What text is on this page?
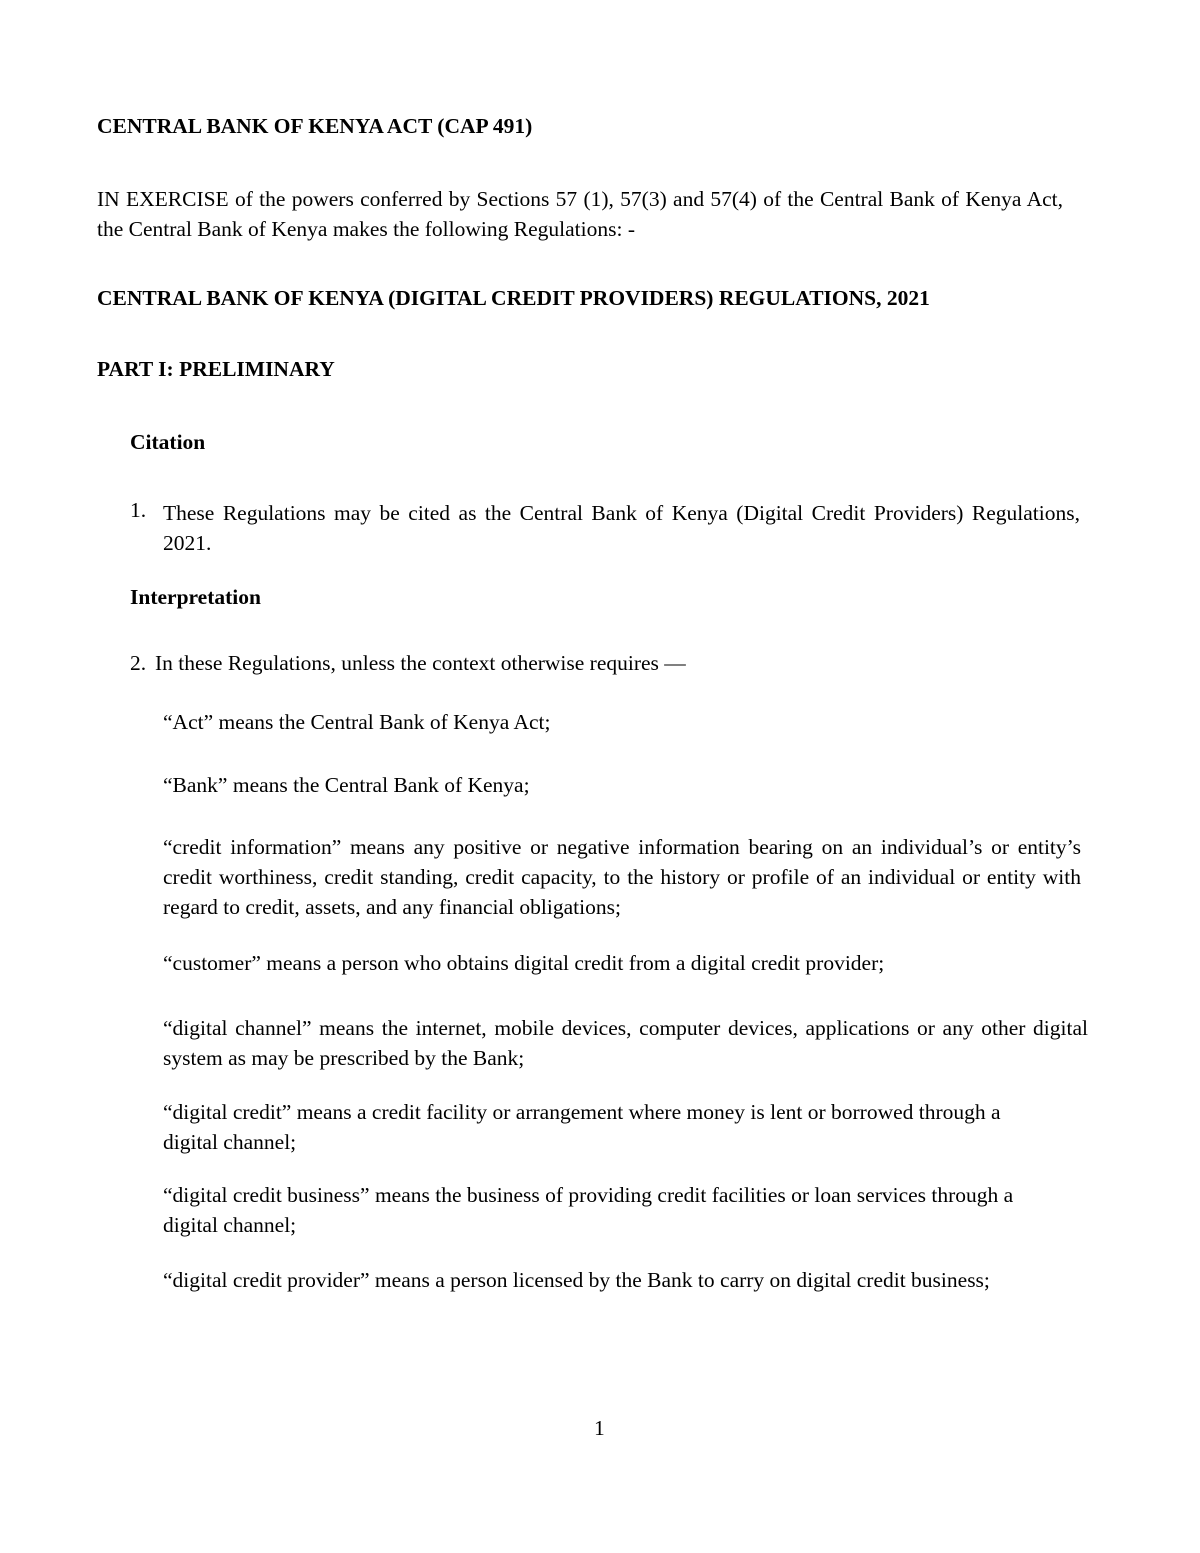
CENTRAL BANK OF KENYA ACT (CAP 491)

IN EXERCISE of the powers conferred by Sections 57 (1), 57(3) and 57(4) of the Central Bank of Kenya Act, the Central Bank of Kenya makes the following Regulations: -

CENTRAL BANK OF KENYA (DIGITAL CREDIT PROVIDERS) REGULATIONS, 2021

PART I: PRELIMINARY

Citation

1. These Regulations may be cited as the Central Bank of Kenya (Digital Credit Providers) Regulations, 2021.

Interpretation

2. In these Regulations, unless the context otherwise requires —

“Act” means the Central Bank of Kenya Act;

“Bank” means the Central Bank of Kenya;

“credit information” means any positive or negative information bearing on an individual’s or entity’s credit worthiness, credit standing, credit capacity, to the history or profile of an individual or entity with regard to credit, assets, and any financial obligations;

“customer” means a person who obtains digital credit from a digital credit provider;

“digital channel” means the internet, mobile devices, computer devices, applications or any other digital system as may be prescribed by the Bank;

“digital credit” means a credit facility or arrangement where money is lent or borrowed through a digital channel;

“digital credit business” means the business of providing credit facilities or loan services through a digital channel;

“digital credit provider” means a person licensed by the Bank to carry on digital credit business;

1
